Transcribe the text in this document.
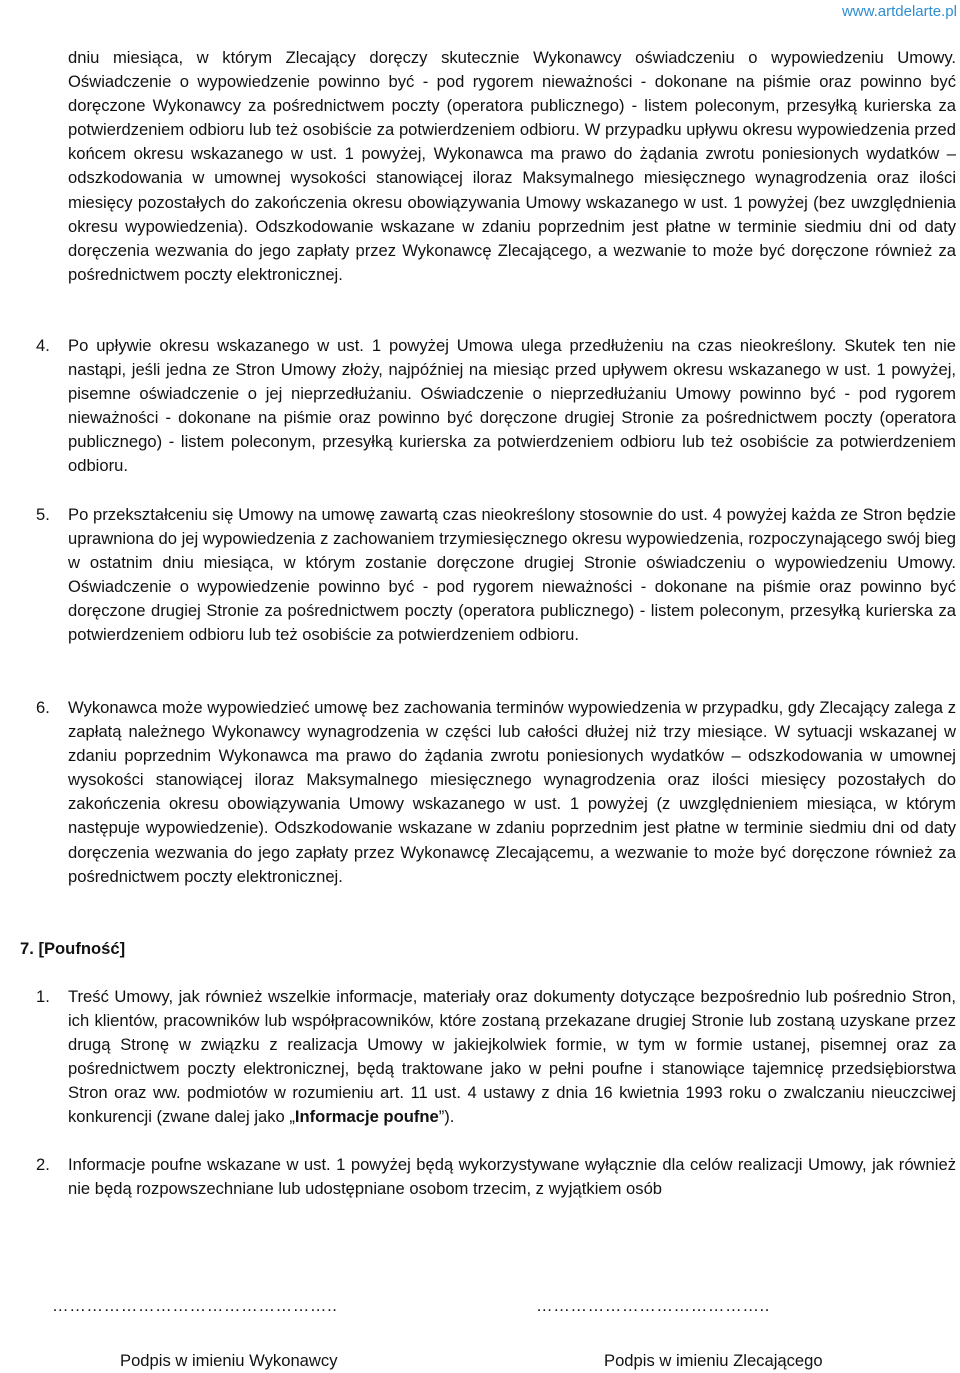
www.artdelarte.pl

dniu miesiąca, w którym Zlecający doręczy skutecznie Wykonawcy oświadczeniu o wypowiedzeniu Umowy. Oświadczenie o wypowiedzenie powinno być - pod rygorem nieważności - dokonane na piśmie oraz powinno być doręczone Wykonawcy za pośrednictwem poczty (operatora publicznego) - listem poleconym, przesyłką kurierska za potwierdzeniem odbioru lub też osobiście za potwierdzeniem odbioru. W przypadku upływu okresu wypowiedzenia przed końcem okresu wskazanego w ust. 1 powyżej, Wykonawca ma prawo do żądania zwrotu poniesionych wydatków – odszkodowania w umownej wysokości stanowiącej iloraz Maksymalnego miesięcznego wynagrodzenia oraz ilości miesięcy pozostałych do zakończenia okresu obowiązywania Umowy wskazanego w ust. 1 powyżej (bez uwzględnienia okresu wypowiedzenia). Odszkodowanie wskazane w zdaniu poprzednim jest płatne w terminie siedmiu dni od daty doręczenia wezwania do jego zapłaty przez Wykonawcę Zlecającego, a wezwanie to może być doręczone również za pośrednictwem poczty elektronicznej.

4. Po upływie okresu wskazanego w ust. 1 powyżej Umowa ulega przedłużeniu na czas nieokreślony. Skutek ten nie nastąpi, jeśli jedna ze Stron Umowy złoży, najpóźniej na miesiąc przed upływem okresu wskazanego w ust. 1 powyżej, pisemne oświadczenie o jej nieprzedłużaniu. Oświadczenie o nieprzedłużaniu Umowy powinno być - pod rygorem nieważności - dokonane na piśmie oraz powinno być doręczone drugiej Stronie za pośrednictwem poczty (operatora publicznego) - listem poleconym, przesyłką kurierska za potwierdzeniem odbioru lub też osobiście za potwierdzeniem odbioru.

5. Po przekształceniu się Umowy na umowę zawartą czas nieokreślony stosownie do ust. 4 powyżej każda ze Stron będzie uprawniona do jej wypowiedzenia z zachowaniem trzymiesięcznego okresu wypowiedzenia, rozpoczynającego swój bieg w ostatnim dniu miesiąca, w którym zostanie doręczone drugiej Stronie oświadczeniu o wypowiedzeniu Umowy. Oświadczenie o wypowiedzenie powinno być - pod rygorem nieważności - dokonane na piśmie oraz powinno być doręczone drugiej Stronie za pośrednictwem poczty (operatora publicznego) - listem poleconym, przesyłką kurierska za potwierdzeniem odbioru lub też osobiście za potwierdzeniem odbioru.

6. Wykonawca może wypowiedzieć umowę bez zachowania terminów wypowiedzenia w przypadku, gdy Zlecający zalega z zapłatą należnego Wykonawcy wynagrodzenia w części lub całości dłużej niż trzy miesiące. W sytuacji wskazanej w zdaniu poprzednim Wykonawca ma prawo do żądania zwrotu poniesionych wydatków – odszkodowania w umownej wysokości stanowiącej iloraz Maksymalnego miesięcznego wynagrodzenia oraz ilości miesięcy pozostałych do zakończenia okresu obowiązywania Umowy wskazanego w ust. 1 powyżej (z uwzględnieniem miesiąca, w którym następuje wypowiedzenie). Odszkodowanie wskazane w zdaniu poprzednim jest płatne w terminie siedmiu dni od daty doręczenia wezwania do jego zapłaty przez Wykonawcę Zlecającemu, a wezwanie to może być doręczone również za pośrednictwem poczty elektronicznej.

7. [Poufność]
1. Treść Umowy, jak również wszelkie informacje, materiały oraz dokumenty dotyczące bezpośrednio lub pośrednio Stron, ich klientów, pracowników lub współpracowników, które zostaną przekazane drugiej Stronie lub zostaną uzyskane przez drugą Stronę w związku z realizacja Umowy w jakiejkolwiek formie, w tym w formie ustanej, pisemnej oraz za pośrednictwem poczty elektronicznej, będą traktowane jako w pełni poufne i stanowiące tajemnicę przedsiębiorstwa Stron oraz ww. podmiotów w rozumieniu art. 11 ust. 4 ustawy z dnia 16 kwietnia 1993 roku o zwalczaniu nieuczciwej konkurencji (zwane dalej jako „Informacje poufne”).

2. Informacje poufne wskazane w ust. 1 powyżej będą wykorzystywane wyłącznie dla celów realizacji Umowy, jak również nie będą rozpowszechniane lub udostępniane osobom trzecim, z wyjątkiem osób

…………………………………………..	…………………………………..
Podpis w imieniu Wykonawcy	Podpis w imieniu Zlecającego
